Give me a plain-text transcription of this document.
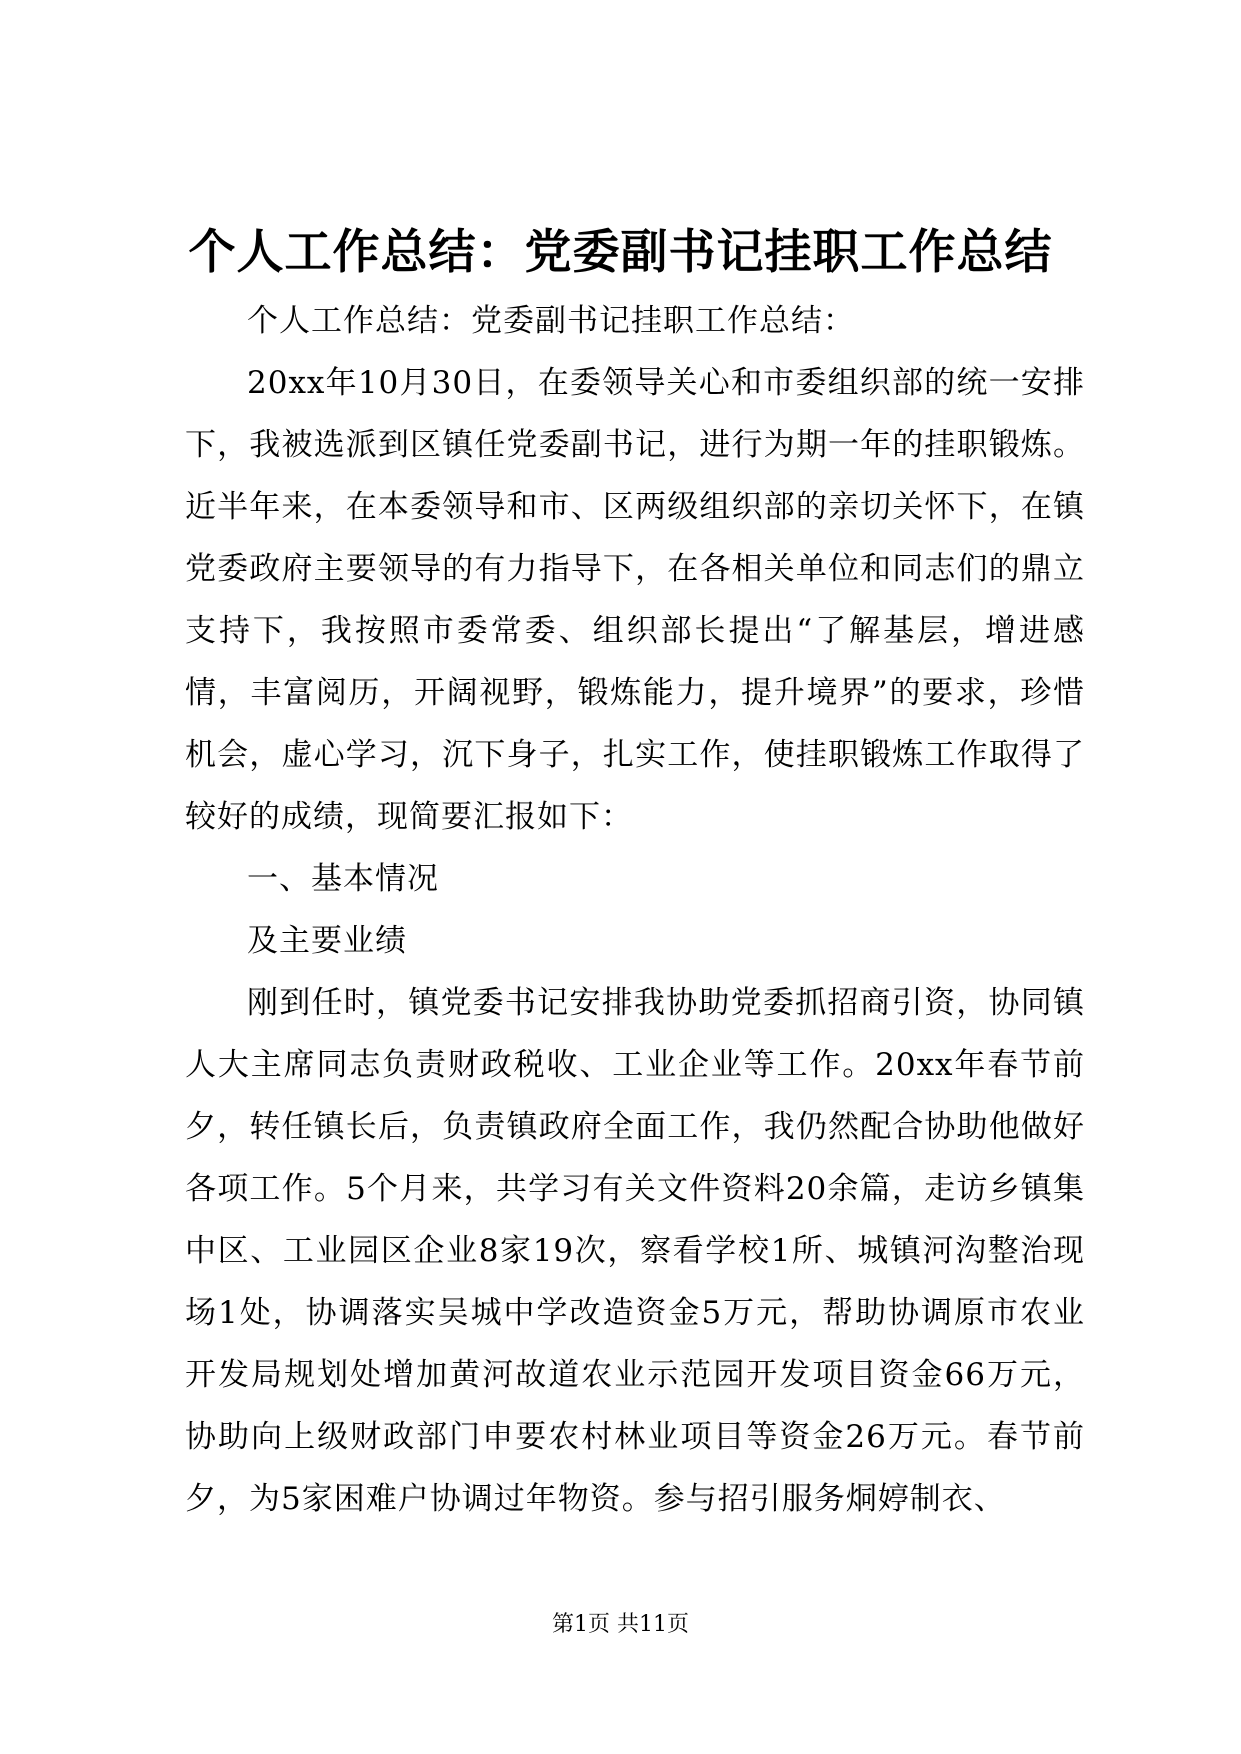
个人工作总结：党委副书记挂职工作总结

个人工作总结：党委副书记挂职工作总结：

20xx年10月30日，在委领导关心和市委组织部的统一安排下，我被选派到区镇任党委副书记，进行为期一年的挂职锻炼。近半年来，在本委领导和市、区两级组织部的亲切关怀下，在镇党委政府主要领导的有力指导下，在各相关单位和同志们的鼎立支持下，我按照市委常委、组织部长提出“了解基层，增进感情，丰富阅历，开阔视野，锻炼能力，提升境界”的要求，珍惜机会，虚心学习，沉下身子，扎实工作，使挂职锻炼工作取得了较好的成绩，现简要汇报如下：

一、基本情况

及主要业绩

刚到任时，镇党委书记安排我协助党委抓招商引资，协同镇人大主席同志负责财政税收、工业企业等工作。20xx年春节前夕，转任镇长后，负责镇政府全面工作，我仍然配合协助他做好各项工作。5个月来，共学习有关文件资料20余篇，走访乡镇集中区、工业园区企业8家19次，察看学校1所、城镇河沟整治现场1处，协调落实吴城中学改造资金5万元，帮助协调原市农业开发局规划处增加黄河故道农业示范园开发项目资金66万元，协助向上级财政部门申要农村林业项目等资金26万元。春节前夕，为5家困难户协调过年物资。参与招引服务烔婷制衣、

第1页 共11页
